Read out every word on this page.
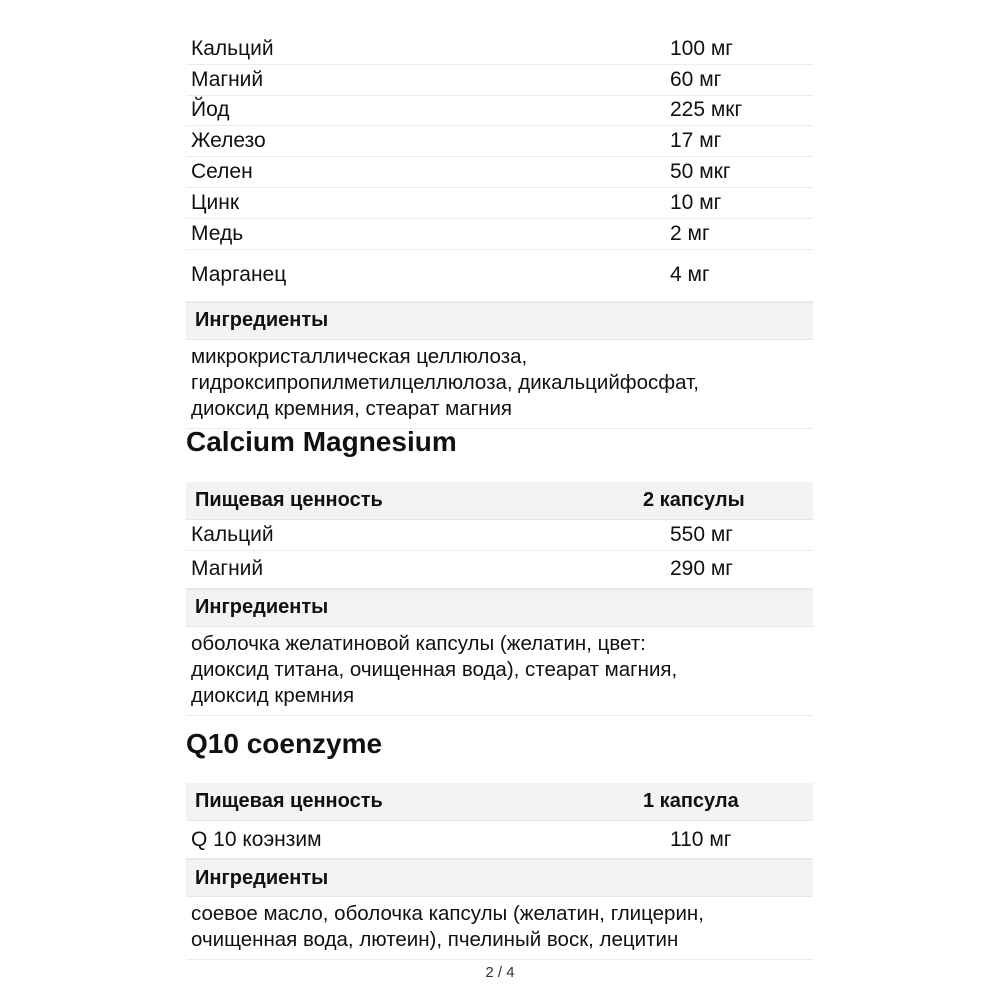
Кальций	100 мг
Магний	60 мг
Йод	225 мкг
Железо	17 мг
Селен	50 мкг
Цинк	10 мг
Медь	2 мг
Марганец	4 мг
Ингредиенты
микрокристаллическая целлюлоза,
гидроксипропилметилцеллюлоза, дикальцийфосфат,
диоксид кремния, стеарат магния
Calcium Magnesium
Пищевая ценность	2 капсулы
Кальций	550 мг
Магний	290 мг
Ингредиенты
оболочка желатиновой капсулы (желатин, цвет:
диоксид титана, очищенная вода), стеарат магния,
диоксид кремния
Q10 coenzyme
Пищевая ценность	1 капсула
Q 10 коэнзим	110 мг
Ингредиенты
соевое масло, оболочка капсулы (желатин, глицерин,
очищенная вода, лютеин), пчелиный воск, лецитин
2 / 4
